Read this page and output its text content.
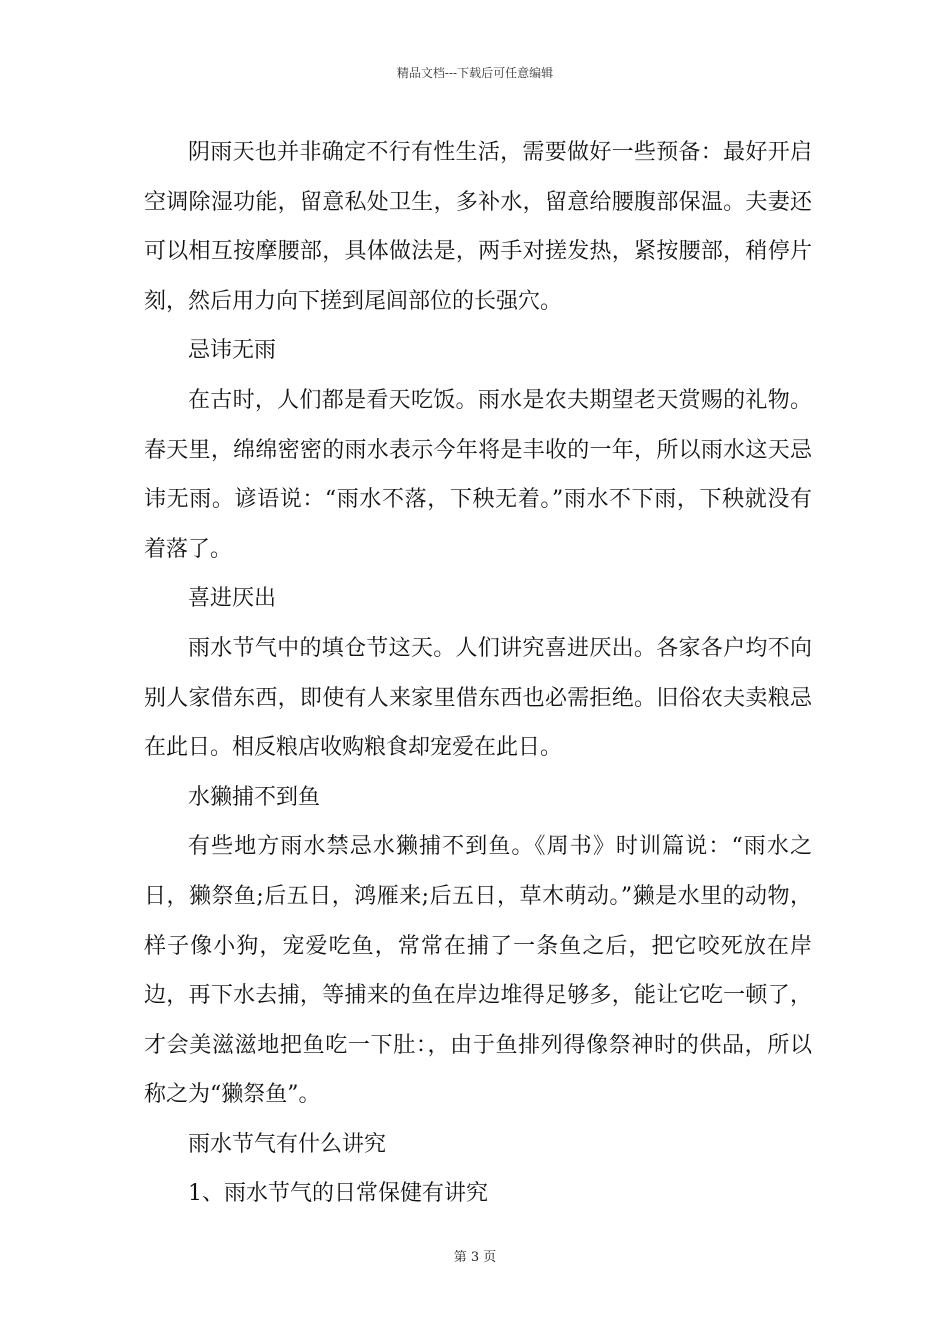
精品文档---下载后可任意编辑

阴雨天也并非确定不行有性生活，需要做好一些预备：最好开启空调除湿功能，留意私处卫生，多补水，留意给腰腹部保温。夫妻还可以相互按摩腰部，具体做法是，两手对搓发热，紧按腰部，稍停片刻，然后用力向下搓到尾闾部位的长强穴。

忌讳无雨

在古时，人们都是看天吃饭。雨水是农夫期望老天赏赐的礼物。春天里，绵绵密密的雨水表示今年将是丰收的一年，所以雨水这天忌讳无雨。谚语说：“雨水不落，下秧无着。”雨水不下雨，下秧就没有着落了。

喜进厌出

雨水节气中的填仓节这天。人们讲究喜进厌出。各家各户均不向别人家借东西，即使有人来家里借东西也必需拒绝。旧俗农夫卖粮忌在此日。相反粮店收购粮食却宠爱在此日。

水獭捕不到鱼

有些地方雨水禁忌水獭捕不到鱼。《周书》时训篇说：“雨水之日，獭祭鱼;后五日，鸿雁来;后五日，草木萌动。”獭是水里的动物，样子像小狗，宠爱吃鱼，常常在捕了一条鱼之后，把它咬死放在岸边，再下水去捕，等捕来的鱼在岸边堆得足够多，能让它吃一顿了，才会美滋滋地把鱼吃一下肚：，由于鱼排列得像祭神时的供品，所以称之为“獭祭鱼”。

雨水节气有什么讲究

1、雨水节气的日常保健有讲究

第 3 页
